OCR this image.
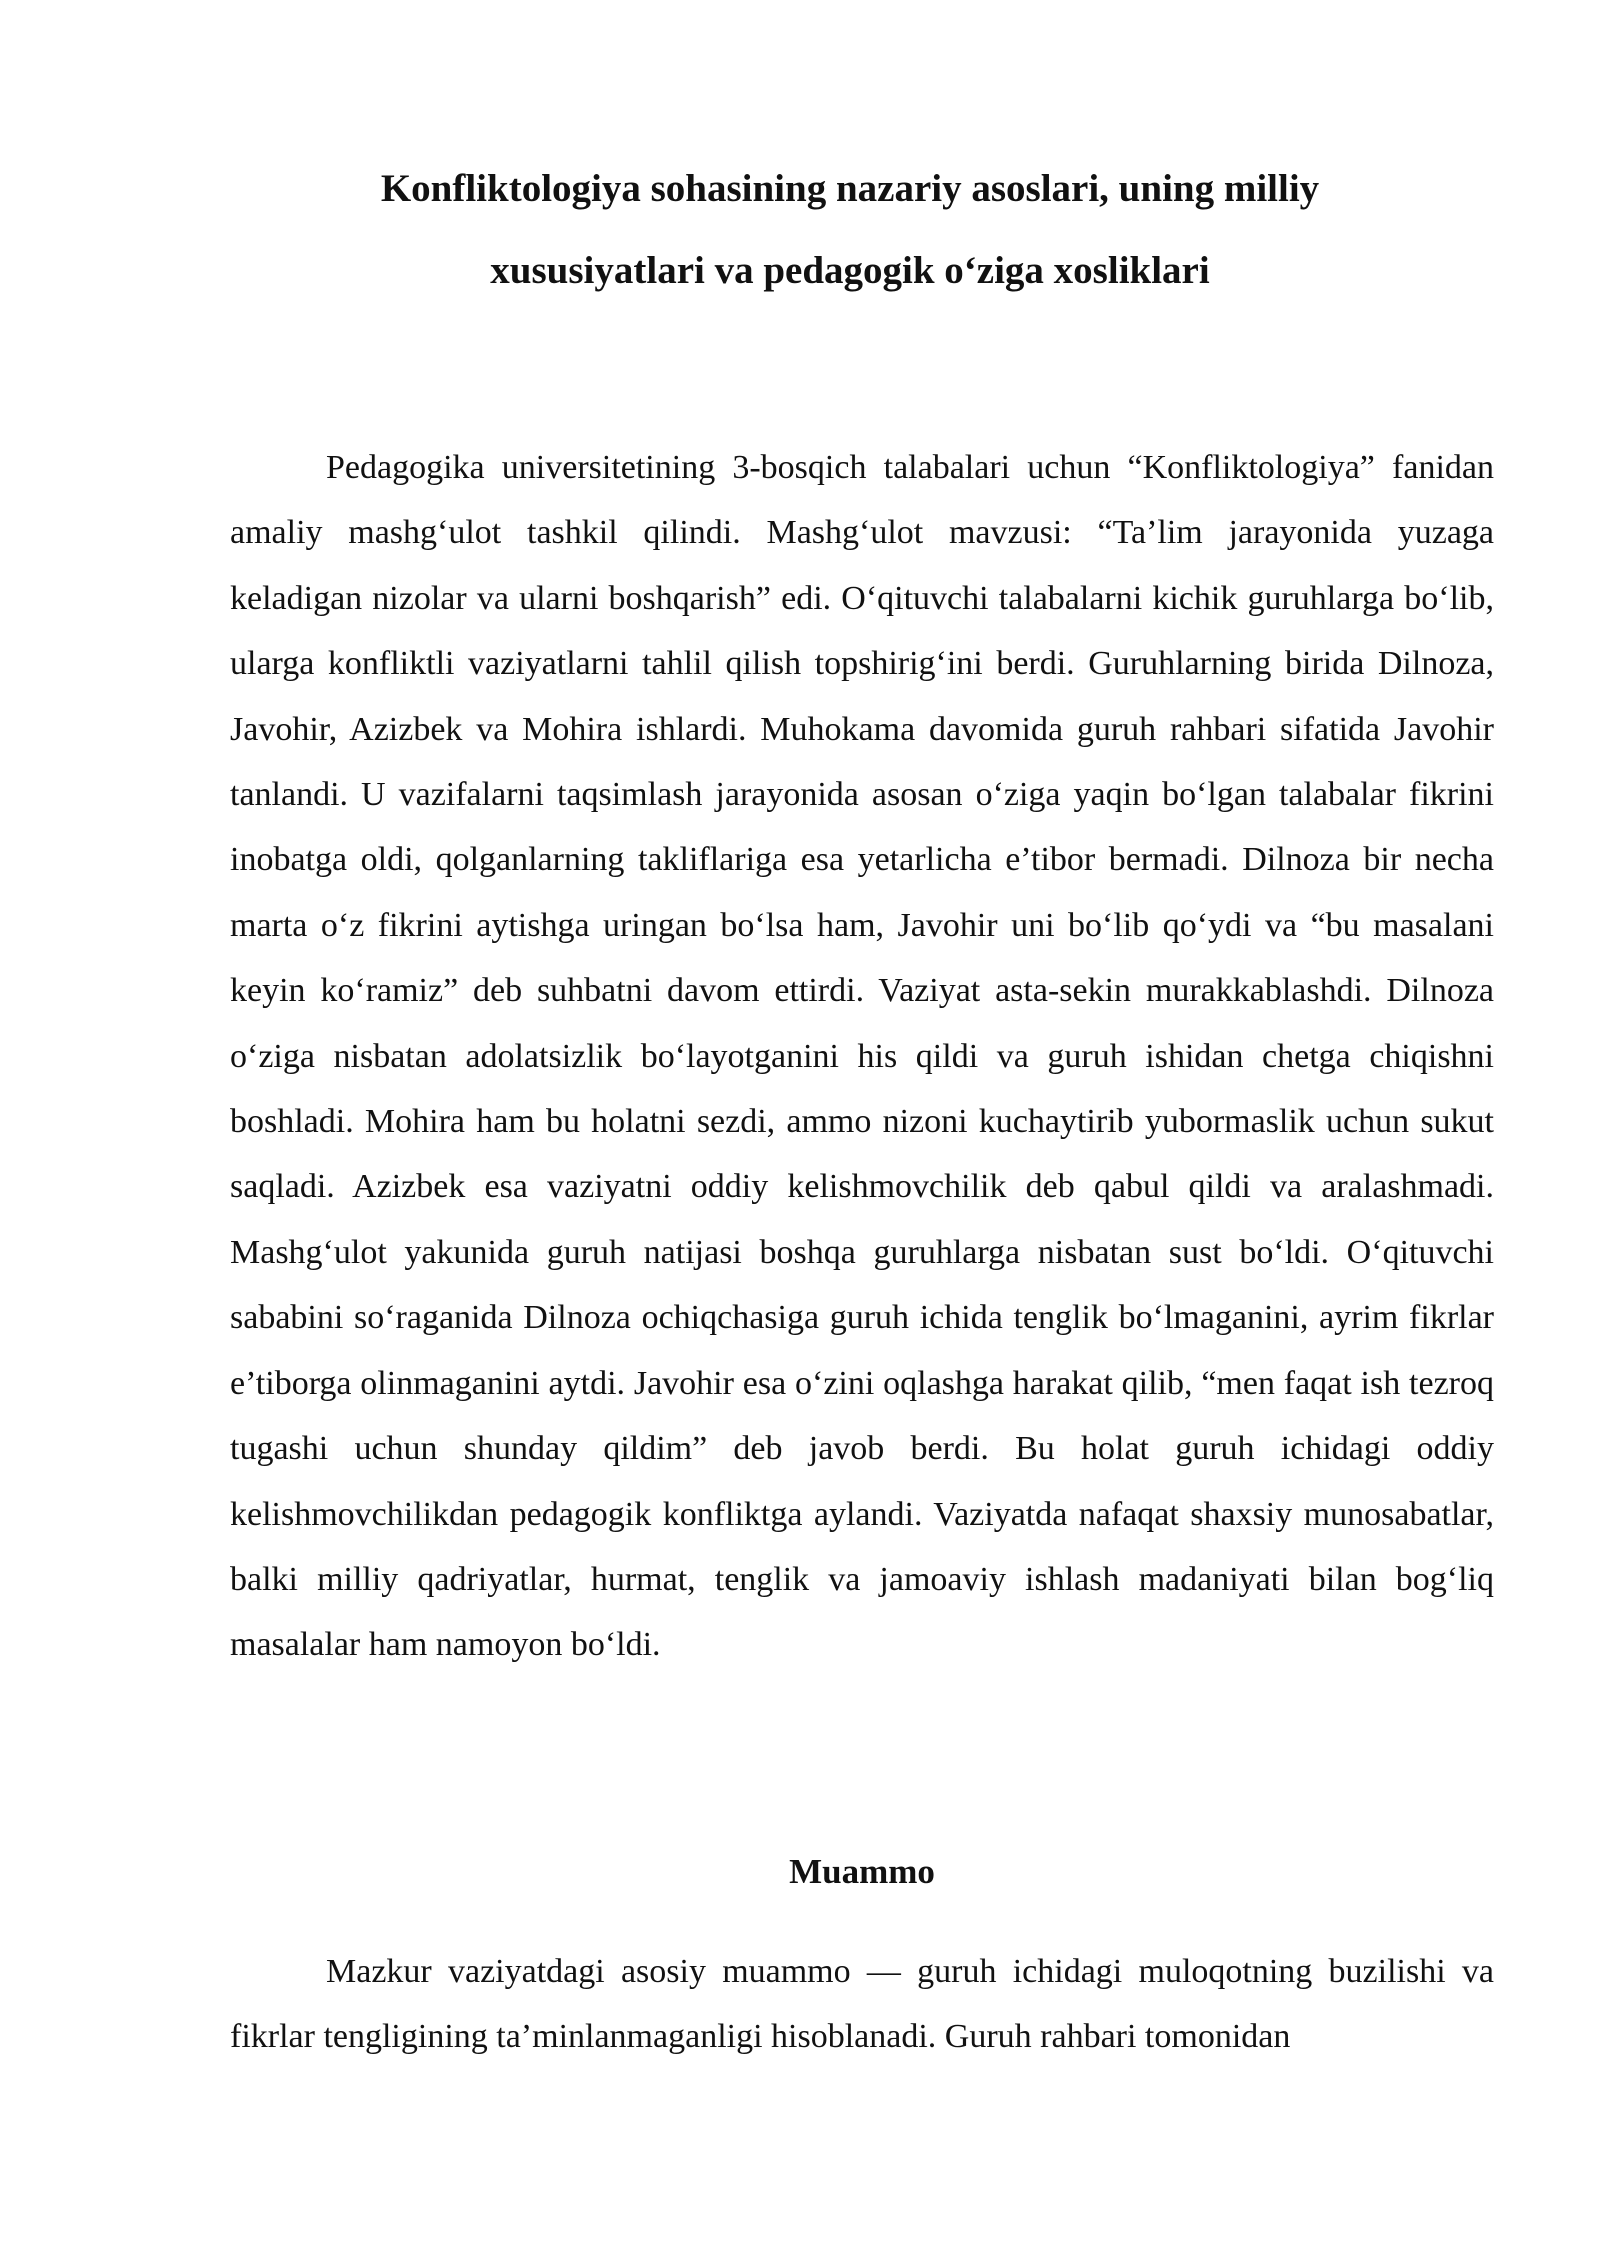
Konfliktologiya sohasining nazariy asoslari, uning milliy
xususiyatlari va pedagogik o‘ziga xosliklari

Pedagogika universitetining 3-bosqich talabalari uchun “Konfliktologiya” fanidan amaliy mashg‘ulot tashkil qilindi. Mashg‘ulot mavzusi: “Ta’lim jarayonida yuzaga keladigan nizolar va ularni boshqarish” edi. O‘qituvchi talabalarni kichik guruhlarga bo‘lib, ularga konfliktli vaziyatlarni tahlil qilish topshirig‘ini berdi. Guruhlarning birida Dilnoza, Javohir, Azizbek va Mohira ishlardi. Muhokama davomida guruh rahbari sifatida Javohir tanlandi. U vazifalarni taqsimlash jarayonida asosan o‘ziga yaqin bo‘lgan talabalar fikrini inobatga oldi, qolganlarning takliflariga esa yetarlicha e’tibor bermadi. Dilnoza bir necha marta o‘z fikrini aytishga uringan bo‘lsa ham, Javohir uni bo‘lib qo‘ydi va “bu masalani keyin ko‘ramiz” deb suhbatni davom ettirdi. Vaziyat asta-sekin murakkablashdi. Dilnoza o‘ziga nisbatan adolatsizlik bo‘layotganini his qildi va guruh ishidan chetga chiqishni boshladi. Mohira ham bu holatni sezdi, ammo nizoni kuchaytirib yubormaslik uchun sukut saqladi. Azizbek esa vaziyatni oddiy kelishmovchilik deb qabul qildi va aralashmadi. Mashg‘ulot yakunida guruh natijasi boshqa guruhlarga nisbatan sust bo‘ldi. O‘qituvchi sababini so‘raganida Dilnoza ochiqchasiga guruh ichida tenglik bo‘lmaganini, ayrim fikrlar e’tiborga olinmaganini aytdi. Javohir esa o‘zini oqlashga harakat qilib, “men faqat ish tezroq tugashi uchun shunday qildim” deb javob berdi. Bu holat guruh ichidagi oddiy kelishmovchilikdan pedagogik konfliktga aylandi. Vaziyatda nafaqat shaxsiy munosabatlar, balki milliy qadriyatlar, hurmat, tenglik va jamoaviy ishlash madaniyati bilan bog‘liq masalalar ham namoyon bo‘ldi.

Muammo

Mazkur vaziyatdagi asosiy muammo — guruh ichidagi muloqotning buzilishi va fikrlar tengligining ta’minlanmaganligi hisoblanadi. Guruh rahbari tomonidan
